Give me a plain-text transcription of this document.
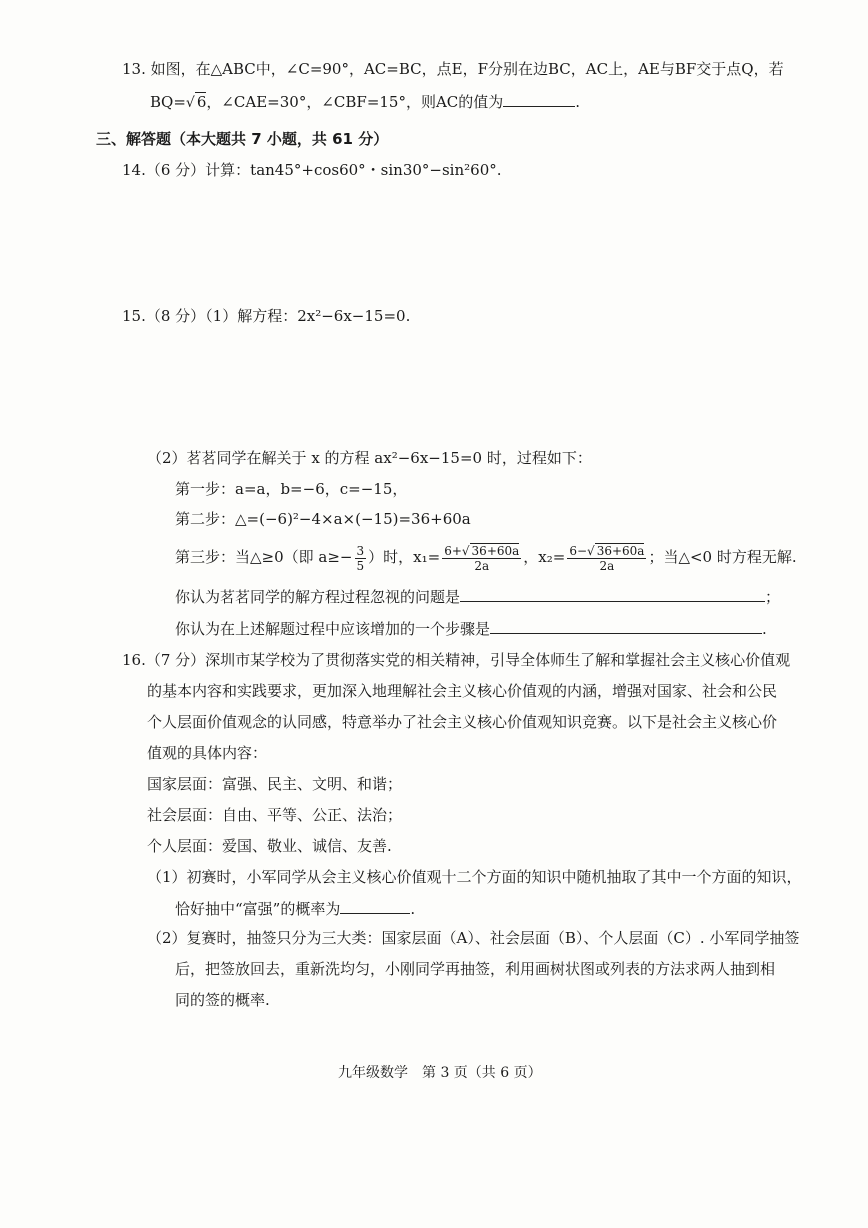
13. 如图，在△ABC中，∠C=90°，AC=BC，点E，F分别在边BC，AC上，AE与BF交于点Q，若
BQ=√ 6，∠CAE=30°，∠CBF=15°，则AC的值为	.
三、解答题（本大题共 7 小题，共 61 分）
14.（6 分）计算：tan45°+cos60°・sin30°−sin²60°.
15.（8 分）（1）解方程：2x²−6x−15=0.
（2）茗茗同学在解关于 x 的方程 ax²−6x−15=0 时，过程如下：
第一步：a=a，b=−6，c=−15，
第二步：△=(−6)²−4×a×(−15)=36+60a
第三步：当△≥0（即 $a\ge- \frac{3}{5}$ ）时，$x_1= \frac{6+√ 36+60a}{2a}$ ，$x_2= \frac{6-√ 36+60a}{2a}$ ；当△<0 时方程无解.
你认为茗茗同学的解方程过程忽视的问题是	；
你认为在上述解题过程中应该增加的一个步骤是	.
16.（7 分）深圳市某学校为了贯彻落实党的相关精神，引导全体师生了解和掌握社会主义核心价值观
的基本内容和实践要求，更加深入地理解社会主义核心价值观的内涵，增强对国家、社会和公民
个人层面价值观念的认同感，特意举办了社会主义核心价值观知识竞赛。以下是社会主义核心价
值观的具体内容：
国家层面：富强、民主、文明、和谐；
社会层面：自由、平等、公正、法治；
个人层面：爱国、敬业、诚信、友善.
（1）初赛时，小军同学从会主义核心价值观十二个方面的知识中随机抽取了其中一个方面的知识，
恰好抽中“富强”的概率为	.
（2）复赛时，抽签只分为三大类：国家层面（A）、社会层面（B）、个人层面（C）. 小军同学抽签
后，把签放回去，重新洗均匀，小刚同学再抽签，利用画树状图或列表的方法求两人抽到相
同的签的概率.
九年级数学　第 3 页（共 6 页）
